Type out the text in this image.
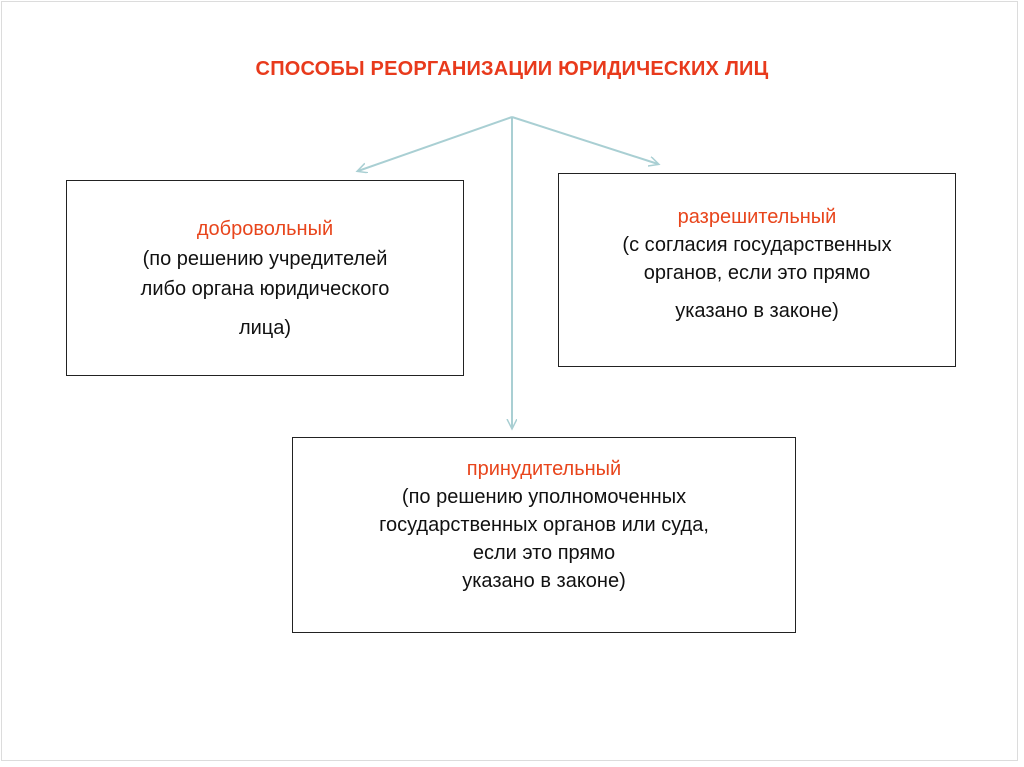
СПОСОБЫ РЕОРГАНИЗАЦИИ ЮРИДИЧЕСКИХ ЛИЦ
добровольный
(по решению учредителей
либо органа юридического
лица)
разрешительный
(с согласия государственных
органов, если это прямо
указано в законе)
принудительный
(по решению уполномоченных
государственных органов или суда,
если это прямо
указано в законе)
